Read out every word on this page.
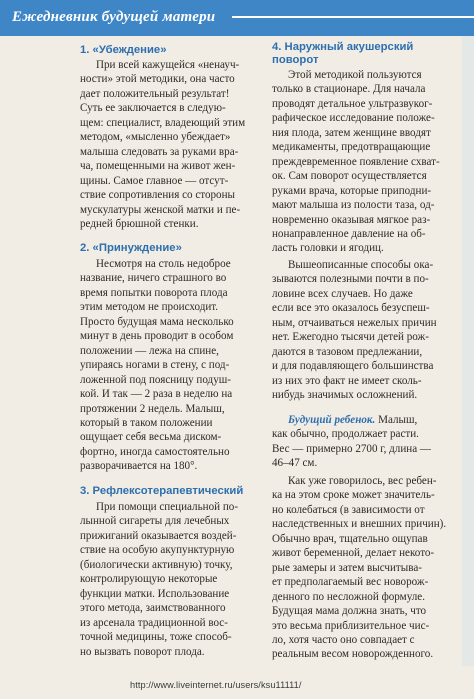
Ежедневник будущей матери
1. «Убеждение»
При всей кажущейся «ненауч-
ности» этой методики, она часто
дает положительный результат!
Суть ее заключается в следую-
щем: специалист, владеющий этим
методом, «мысленно убеждает»
малыша следовать за руками вра-
ча, помещенными на живот жен-
щины. Самое главное — отсут-
ствие сопротивления со стороны
мускулатуры женской матки и пе-
редней брюшной стенки.
2. «Принуждение»
Несмотря на столь недоброе
название, ничего страшного во
время попытки поворота плода
этим методом не происходит.
Просто будущая мама несколько
минут в день проводит в особом
положении — лежа на спине,
упираясь ногами в стену, с под-
ложенной под поясницу подуш-
кой. И так — 2 раза в неделю на
протяжении 2 недель. Малыш,
который в таком положении
ощущает себя весьма диском-
фортно, иногда самостоятельно
разворачивается на 180°.
3. Рефлексотерапевтический
При помощи специальной по-
лынной сигареты для лечебных
прижиганий оказывается воздей-
ствие на особую акупунктурную
(биологически активную) точку,
контролирующую некоторые
функции матки. Использование
этого метода, заимствованного
из арсенала традиционной вос-
точной медицины, тоже способ-
но вызвать поворот плода.
4. Наружный акушерский
поворот
Этой методикой пользуются
только в стационаре. Для начала
проводят детальное ультразвуког-
рафическое исследование положе-
ния плода, затем женщине вводят
медикаменты, предотвращающие
преждевременное появление схват-
ок. Сам поворот осуществляется
руками врача, которые приподни-
мают малыша из полости таза, од-
новременно оказывая мягкое раз-
нонаправленное давление на об-
ласть головки и ягодиц.
Вышеописанные способы ока-
зываются полезными почти в по-
ловине всех случаев. Но даже
если все это оказалось безуспеш-
ным, отчаиваться нежелых причин
нет. Ежегодно тысячи детей рож-
даются в тазовом предлежании,
и для подавляющего большинства
из них это факт не имеет сколь-
нибудь значимых осложнений.
Будущий ребенок. Малыш,
как обычно, продолжает расти.
Вес — примерно 2700 г, длина —
46–47 см.
Как уже говорилось, вес ребен-
ка на этом сроке может значитель-
но колебаться (в зависимости от
наследственных и внешних причин).
Обычно врач, тщательно ощупав
живот беременной, делает некото-
рые замеры и затем высчитыва-
ет предполагаемый вес новорож-
денного по несложной формуле.
Будущая мама должна знать, что
это весьма приблизительное чис-
ло, хотя часто оно совпадает с
реальным весом новорожденного.
http://www.liveinternet.ru/users/ksu11111/
